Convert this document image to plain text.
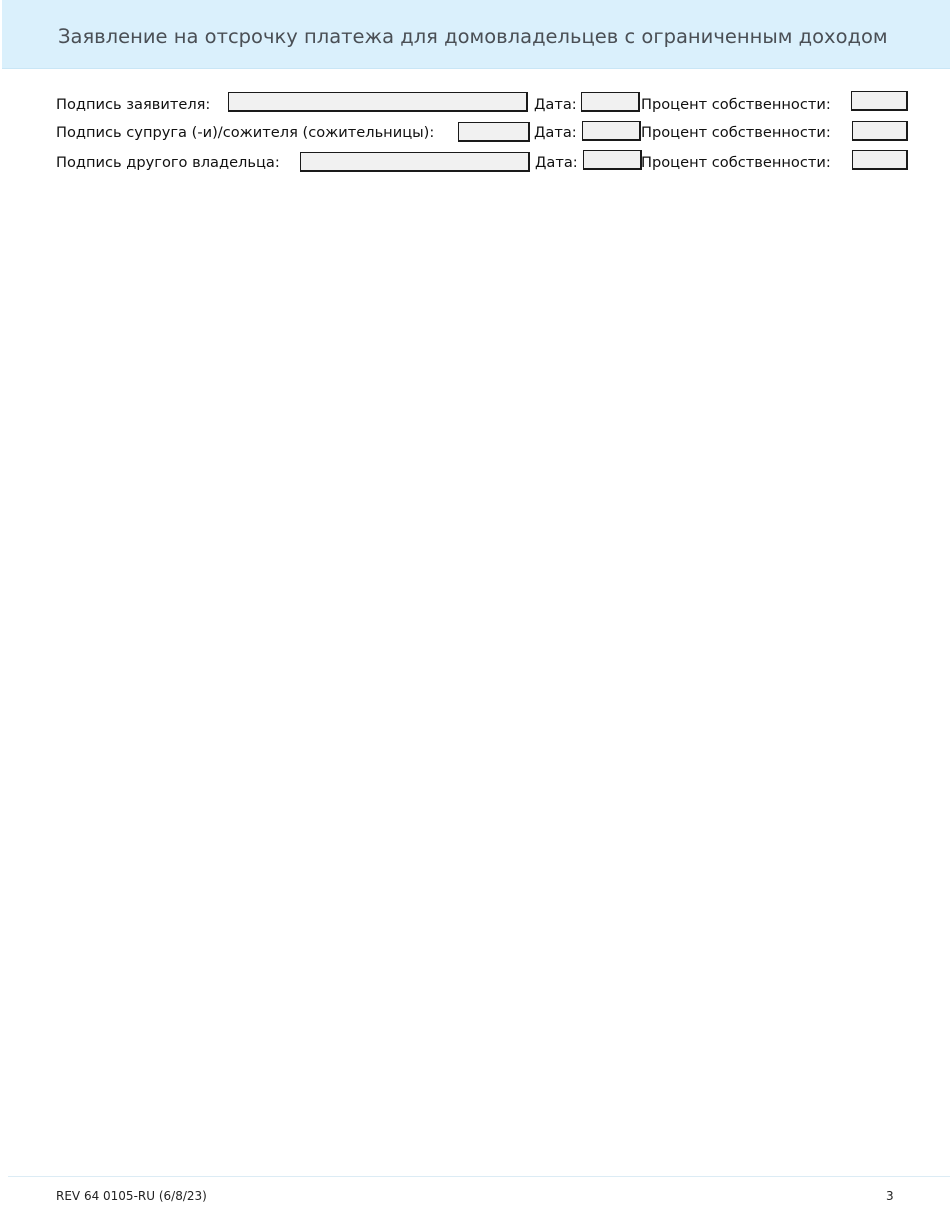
Заявление на отсрочку платежа для домовладельцев с ограниченным доходом
Подпись заявителя:	Дата:	Процент собственности:
Подпись супруга (-и)/сожителя (сожительницы):	Дата:	Процент собственности:
Подпись другого владельца:	Дата:	Процент собственности:
REV 64 0105-RU (6/8/23)	3
